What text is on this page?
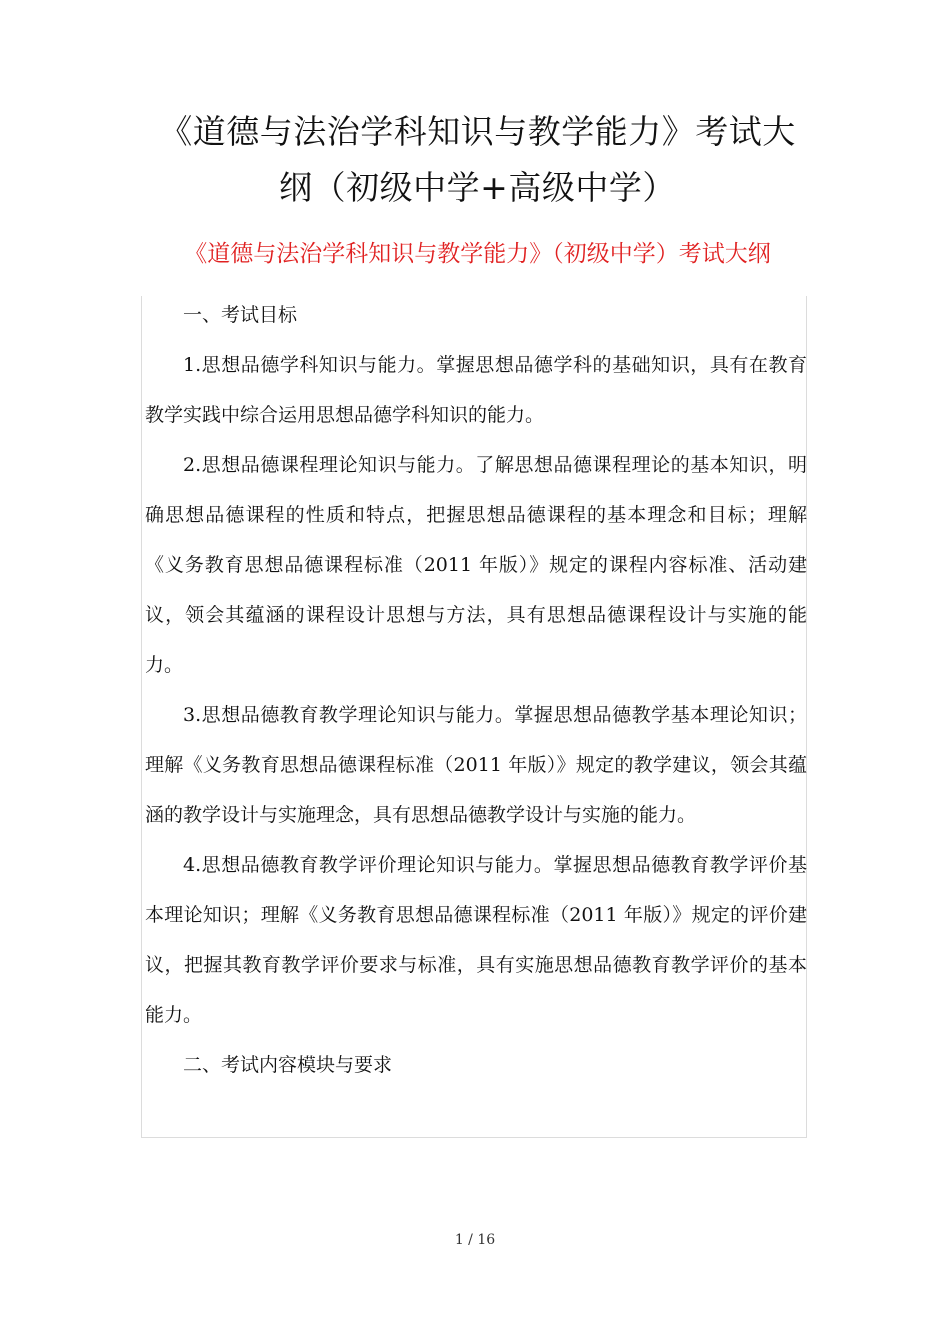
《道德与法治学科知识与教学能力》考试大
纲（初级中学+高级中学）
《道德与法治学科知识与教学能力》（初级中学）考试大纲

一、考试目标

1.思想品德学科知识与能力。掌握思想品德学科的基础知识，具有在教育教学实践中综合运用思想品德学科知识的能力。

2.思想品德课程理论知识与能力。了解思想品德课程理论的基本知识，明确思想品德课程的性质和特点，把握思想品德课程的基本理念和目标；理解《义务教育思想品德课程标准（2011 年版）》规定的课程内容标准、活动建议，领会其蕴涵的课程设计思想与方法，具有思想品德课程设计与实施的能力。

3.思想品德教育教学理论知识与能力。掌握思想品德教学基本理论知识；理解《义务教育思想品德课程标准（2011 年版）》规定的教学建议，领会其蕴涵的教学设计与实施理念，具有思想品德教学设计与实施的能力。

4.思想品德教育教学评价理论知识与能力。掌握思想品德教育教学评价基本理论知识；理解《义务教育思想品德课程标准（2011 年版）》规定的评价建议，把握其教育教学评价要求与标准，具有实施思想品德教育教学评价的基本能力。

二、考试内容模块与要求

1 / 16
